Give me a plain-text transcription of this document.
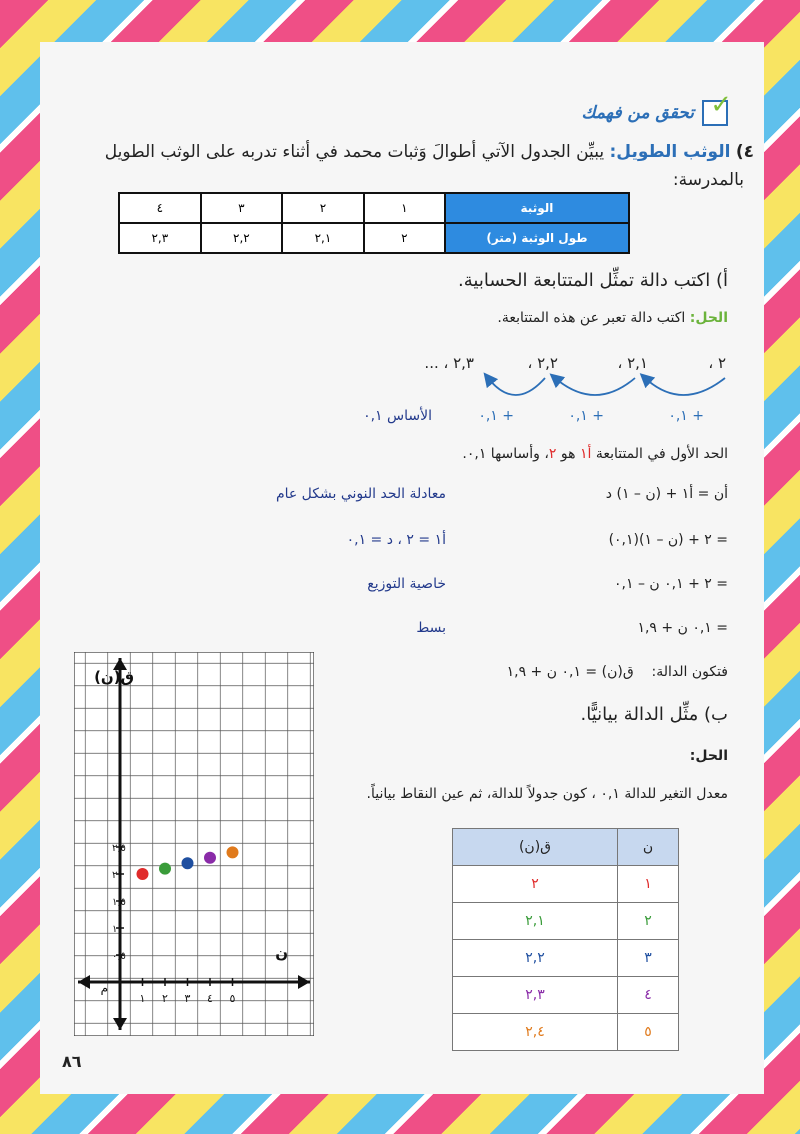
✓
تحقق من فهمك
٤) الوثب الطويل: يبيِّن الجدول الآتي أطوالَ وَثبات محمد في أثناء تدربه على الوثب الطويل
بالمدرسة:
الوثبة	١	٢	٣	٤
طول الوثبة (متر)	٢	٢,١	٢,٢	٢,٣
أ) اكتب دالة تمثِّل المتتابعة الحسابية.
الحل: اكتب دالة تعبر عن هذه المتتابعة.
٢ ،
٢,١ ،
٢,٢ ،
٢,٣ ، ...
+ ٠,١
+ ٠,١
+ ٠,١
الأساس ٠,١
الحد الأول في المتتابعة أ١ هو ٢، وأساسها ٠,١.
أن = أ١ + (ن – ١) د
معادلة الحد النوني بشكل عام
= ٢ + (ن – ١)(٠,١)
أ١ = ٢ ، د = ٠,١
= ٢ + ٠,١ ن – ٠,١
خاصية التوزيع
= ٠,١ ن + ١,٩
بسط
فتكون الدالة:    ق(ن) = ٠,١ ن + ١,٩
ب) مثِّل الدالة بيانيًّا.
الحل:
معدل التغير للدالة ٠,١ ، كون جدولاً للدالة، ثم عين النقاط بيانياً.
ن	ق(ن)
١	٢
٢	٢,١
٣	٢,٢
٤	٢,٣
٥	٢,٤
١ ٢ ٣ ٤ ٥
٠,٥
١
١,٥
٢
٢,٥
ق(ن)
ن
م
٨٦
